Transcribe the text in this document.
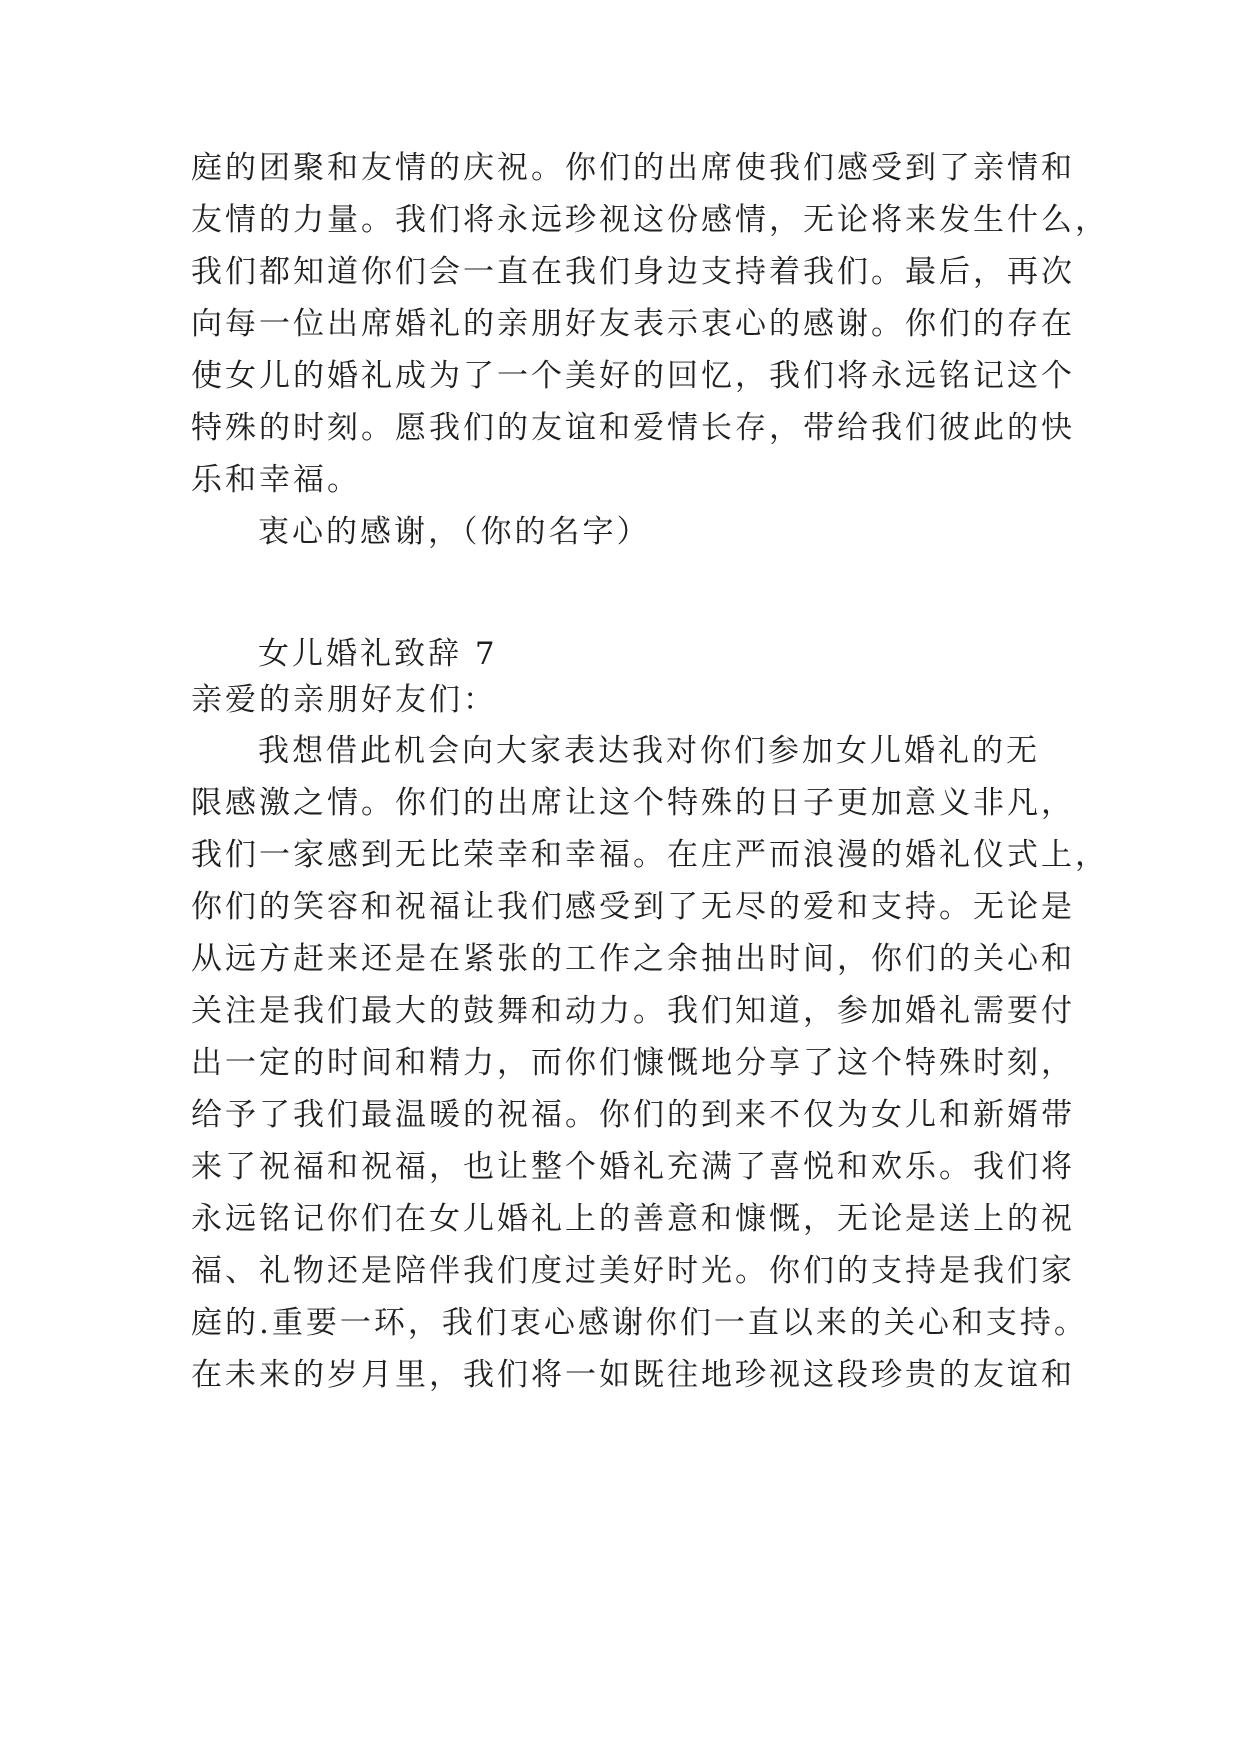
庭的团聚和友情的庆祝。你们的出席使我们感受到了亲情和
友情的力量。我们将永远珍视这份感情，无论将来发生什么，
我们都知道你们会一直在我们身边支持着我们。最后，再次
向每一位出席婚礼的亲朋好友表示衷心的感谢。你们的存在
使女儿的婚礼成为了一个美好的回忆，我们将永远铭记这个
特殊的时刻。愿我们的友谊和爱情长存，带给我们彼此的快
乐和幸福。
衷心的感谢，（你的名字）
女儿婚礼致辞 7
亲爱的亲朋好友们：
我想借此机会向大家表达我对你们参加女儿婚礼的无
限感激之情。你们的出席让这个特殊的日子更加意义非凡，
我们一家感到无比荣幸和幸福。在庄严而浪漫的婚礼仪式上，
你们的笑容和祝福让我们感受到了无尽的爱和支持。无论是
从远方赶来还是在紧张的工作之余抽出时间，你们的关心和
关注是我们最大的鼓舞和动力。我们知道，参加婚礼需要付
出一定的时间和精力，而你们慷慨地分享了这个特殊时刻，
给予了我们最温暖的祝福。你们的到来不仅为女儿和新婿带
来了祝福和祝福，也让整个婚礼充满了喜悦和欢乐。我们将
永远铭记你们在女儿婚礼上的善意和慷慨，无论是送上的祝
福、礼物还是陪伴我们度过美好时光。你们的支持是我们家
庭的.重要一环，我们衷心感谢你们一直以来的关心和支持。
在未来的岁月里，我们将一如既往地珍视这段珍贵的友谊和
